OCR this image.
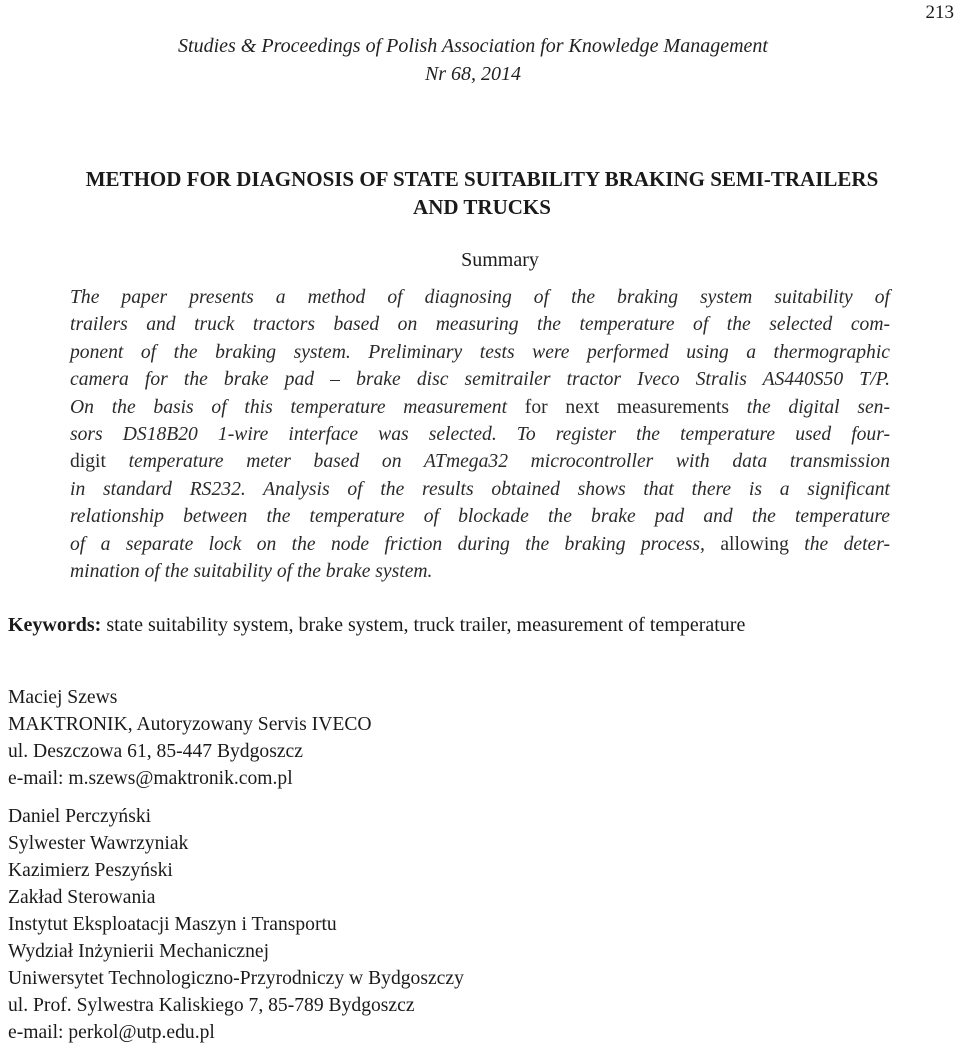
213
Studies & Proceedings of Polish Association for Knowledge Management
Nr 68, 2014
METHOD FOR DIAGNOSIS OF STATE SUITABILITY BRAKING SEMI-TRAILERS
AND TRUCKS
Summary
The paper presents a method of diagnosing of the braking system suitability of
trailers and truck tractors based on measuring the temperature of the selected com-
ponent of the braking system. Preliminary tests were performed using a thermographic
camera for the brake pad – brake disc semitrailer tractor Iveco Stralis AS440S50 T/P.
On the basis of this temperature measurement for next measurements the digital sen-
sors DS18B20 1-wire interface was selected. To register the temperature used four-
digit temperature meter based on ATmega32 microcontroller with data transmission
in standard RS232. Analysis of the results obtained shows that there is a significant
relationship between the temperature of blockade the brake pad and the temperature
of a separate lock on the node friction during the braking process, allowing the deter-
mination of the suitability of the brake system.
Keywords: state suitability system, brake system, truck trailer, measurement of temperature
Maciej Szews
MAKTRONIK, Autoryzowany Servis IVECO
ul. Deszczowa 61, 85-447 Bydgoszcz
e-mail: m.szews@maktronik.com.pl
Daniel Perczyński
Sylwester Wawrzyniak
Kazimierz Peszyński
Zakład Sterowania
Instytut Eksploatacji Maszyn i Transportu
Wydział Inżynierii Mechanicznej
Uniwersytet Technologiczno-Przyrodniczy w Bydgoszczy
ul. Prof. Sylwestra Kaliskiego 7, 85-789 Bydgoszcz
e-mail: perkol@utp.edu.pl
